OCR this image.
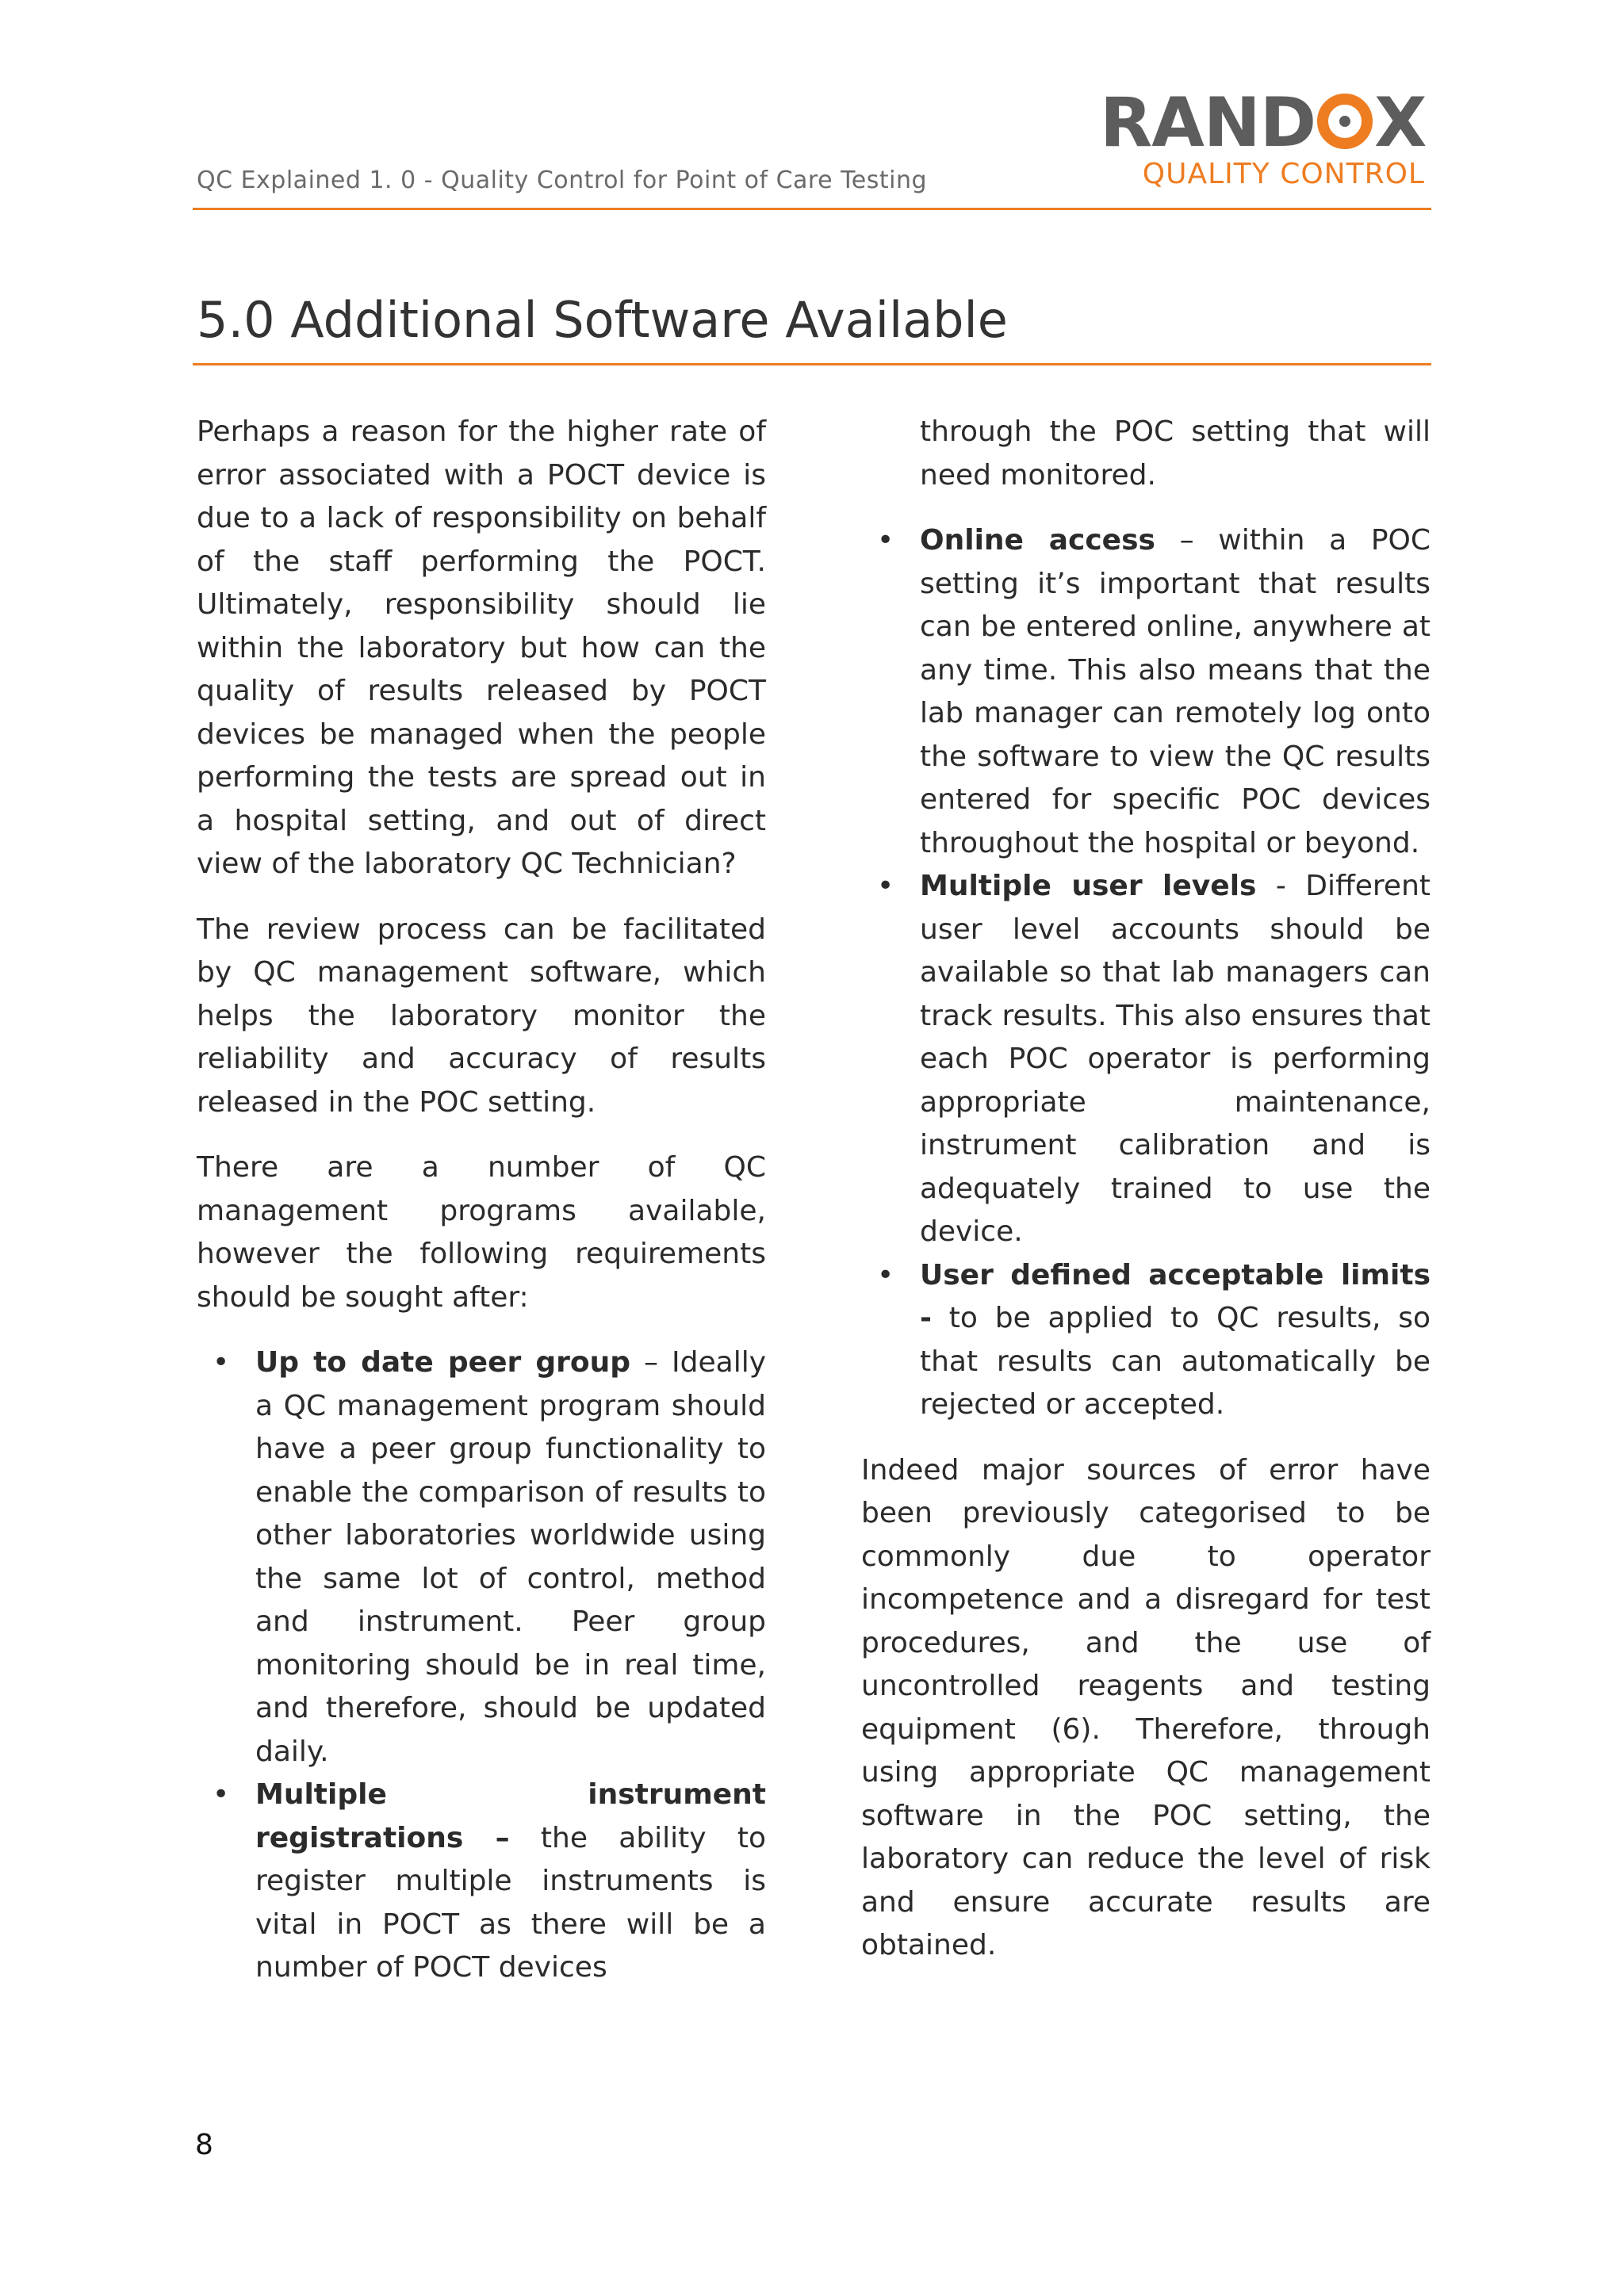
QC Explained 1. 0 - Quality Control for Point of Care Testing
RAND X
QUALITY CONTROL
5.0 Additional Software Available

Perhaps a reason for the higher rate of error associated with a POCT device is due to a lack of responsibility on behalf of the staff performing the POCT. Ultimately, responsibility should lie within the laboratory but how can the quality of results released by POCT devices be managed when the people performing the tests are spread out in a hospital setting, and out of direct view of the laboratory QC Technician?

The review process can be facilitated by QC management software, which helps the laboratory monitor the reliability and accuracy of results released in the POC setting.

There are a number of QC management programs available, however the following requirements should be sought after:

• Up to date peer group – Ideally a QC management program should have a peer group functionality to enable the comparison of results to other laboratories worldwide using the same lot of control, method and instrument. Peer group monitoring should be in real time, and therefore, should be updated daily.
• Multiple instrument registrations – the ability to register multiple instruments is vital in POCT as there will be a number of POCT devices

through the POC setting that will need monitored.

• Online access – within a POC setting it’s important that results can be entered online, anywhere at any time. This also means that the lab manager can remotely log onto the software to view the QC results entered for specific POC devices throughout the hospital or beyond.
• Multiple user levels - Different user level accounts should be available so that lab managers can track results. This also ensures that each POC operator is performing appropriate maintenance, instrument calibration and is adequately trained to use the device.
• User defined acceptable limits - to be applied to QC results, so that results can automatically be rejected or accepted.

Indeed major sources of error have been previously categorised to be commonly due to operator incompetence and a disregard for test procedures, and the use of uncontrolled reagents and testing equipment (6). Therefore, through using appropriate QC management software in the POC setting, the laboratory can reduce the level of risk and ensure accurate results are obtained.

8
